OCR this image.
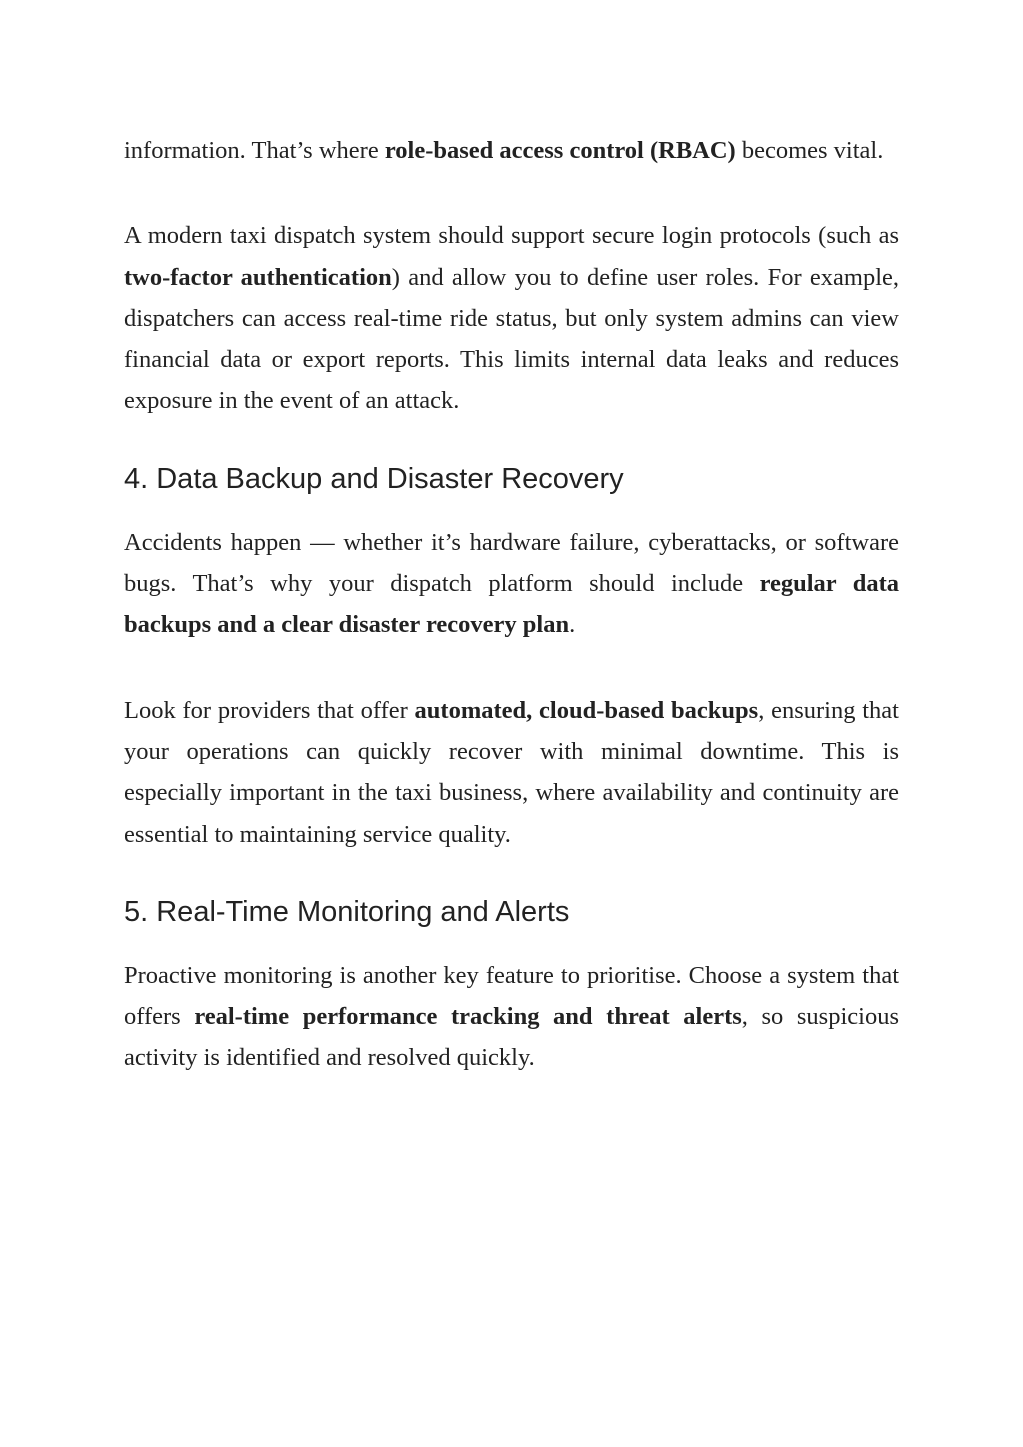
information. That’s where role-based access control (RBAC) becomes vital.

A modern taxi dispatch system should support secure login protocols (such as two-factor authentication) and allow you to define user roles. For example, dispatchers can access real-time ride status, but only system admins can view financial data or export reports. This limits internal data leaks and reduces exposure in the event of an attack.

4. Data Backup and Disaster Recovery

Accidents happen — whether it’s hardware failure, cyberattacks, or software bugs. That’s why your dispatch platform should include regular data backups and a clear disaster recovery plan.

Look for providers that offer automated, cloud-based backups, ensuring that your operations can quickly recover with minimal downtime. This is especially important in the taxi business, where availability and continuity are essential to maintaining service quality.

5. Real-Time Monitoring and Alerts

Proactive monitoring is another key feature to prioritise. Choose a system that offers real-time performance tracking and threat alerts, so suspicious activity is identified and resolved quickly.
